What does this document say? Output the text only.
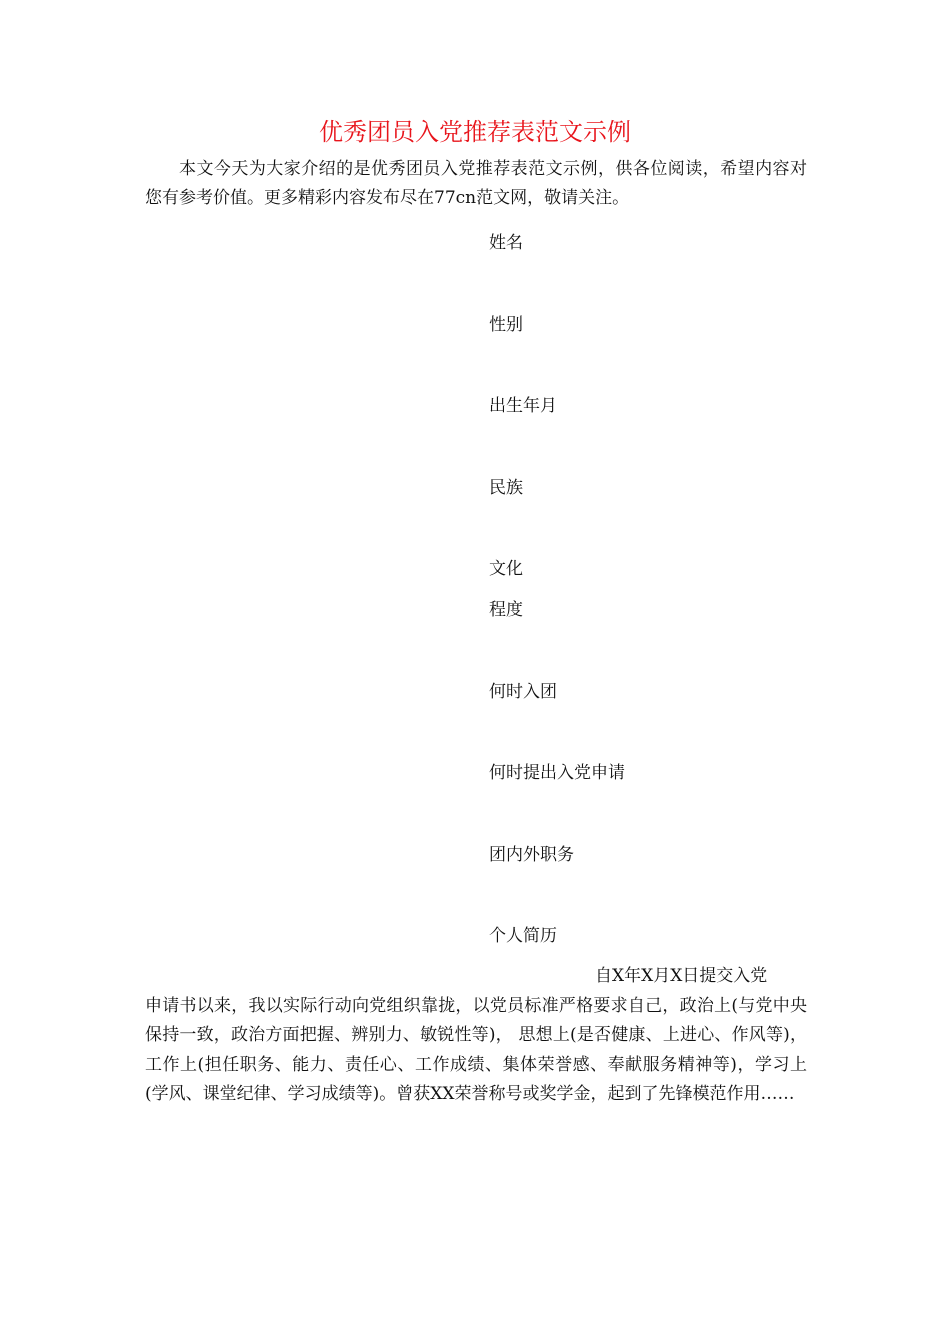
优秀团员入党推荐表范文示例
本文今天为大家介绍的是优秀团员入党推荐表范文示例，供各位阅读，希望内容对您有参考价值。更多精彩内容发布尽在77cn范文网，敬请关注。
姓名
性别
出生年月
民族
文化
程度
何时入团
何时提出入党申请
团内外职务
个人简历
自X年X月X日提交入党
申请书以来，我以实际行动向党组织靠拢，以党员标准严格要求自己，政治上(与党中央保持一致，政治方面把握、辨别力、敏锐性等)， 思想上(是否健康、上进心、作风等)，工作上(担任职务、能力、责任心、工作成绩、集体荣誉感、奉献服务精神等)，学习上(学风、课堂纪律、学习成绩等)。曾获XX荣誉称号或奖学金，起到了先锋模范作用……
